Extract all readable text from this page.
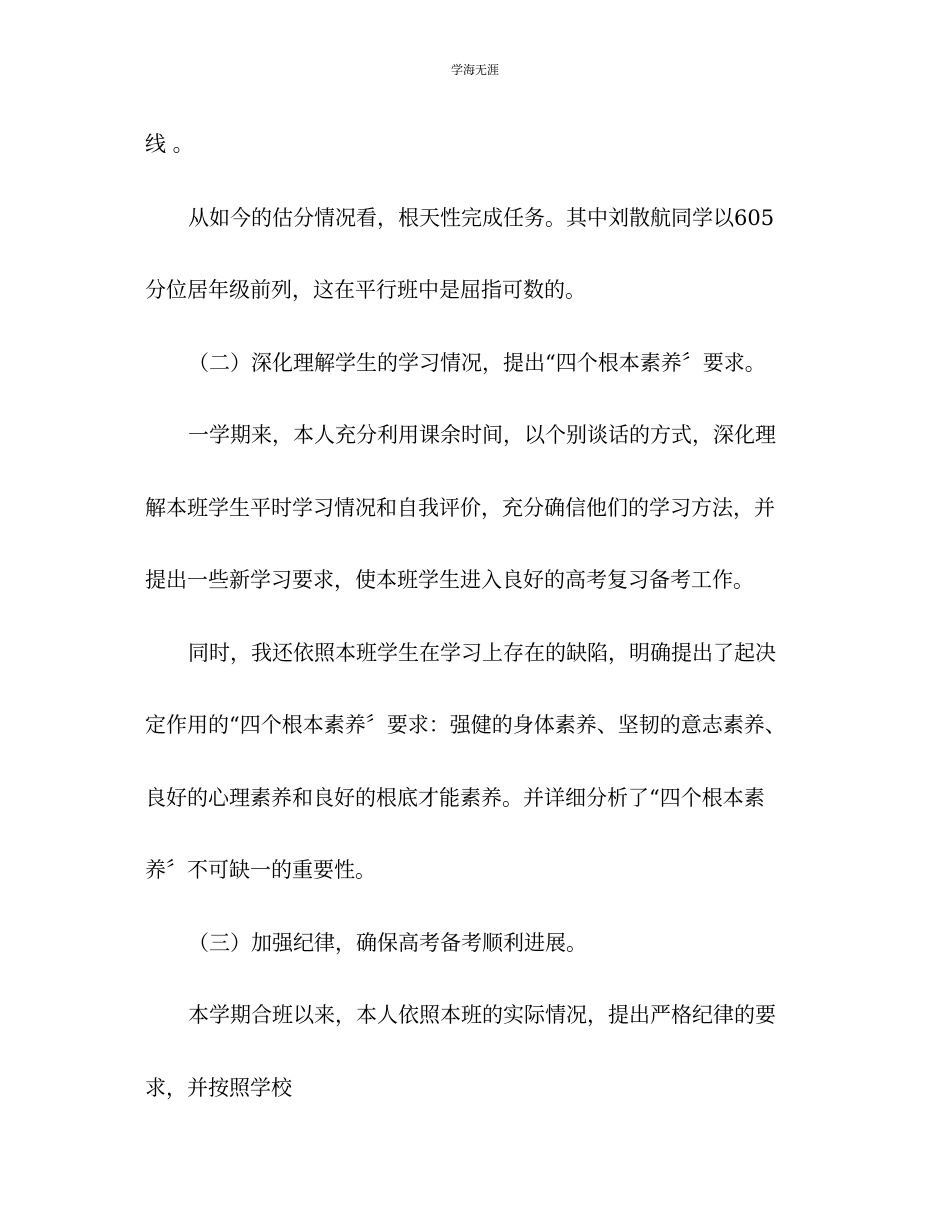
学海无涯
线 。
从如今的估分情况看，根天性完成任务。其中刘散航同学以605
分位居年级前列，这在平行班中是屈指可数的。
（二）深化理解学生的学习情况，提出“四个根本素养〞要求。
一学期来，本人充分利用课余时间，以个别谈话的方式，深化理
解本班学生平时学习情况和自我评价，充分确信他们的学习方法，并
提出一些新学习要求，使本班学生进入良好的高考复习备考工作。
同时，我还依照本班学生在学习上存在的缺陷，明确提出了起决
定作用的“四个根本素养〞要求：强健的身体素养、坚韧的意志素养、
良好的心理素养和良好的根底才能素养。并详细分析了“四个根本素
养〞不可缺一的重要性。
（三）加强纪律，确保高考备考顺利进展。
本学期合班以来，本人依照本班的实际情况，提出严格纪律的要
求，并按照学校
